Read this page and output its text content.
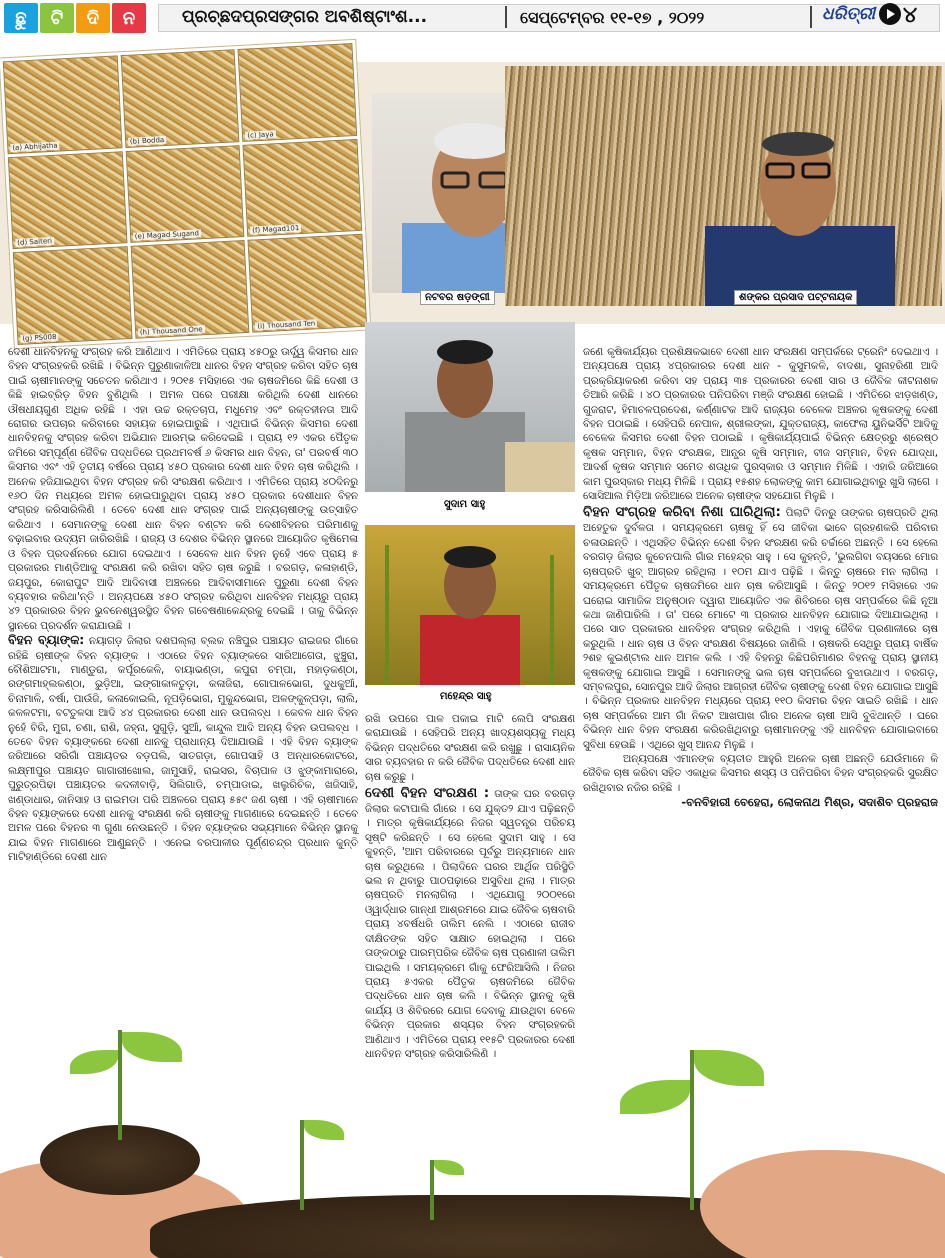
ଛୁ	ଟି	ଦି	ନ	ପ୍ରଚ୍ଛଦପ୍ରସଙ୍ଗର ଅବଶିଷ୍ଟାଂଶ...	ସେପ୍ଟେମ୍ବର ୧୧-୧୭ , ୨୦୨୨	ଧରିତ୍ରୀ ୪
(a) Abhijatha
(b) Bodda
(c) Jaya
(d) Salteri
(e) Magad Sugand
(f) Magad101
(g) PS008
(h) Thousand One
(i) Thousand Ten
ନଟବର ଷଡ଼ଙ୍ଗୀ	ଶଙ୍କର ପ୍ରସାଦ ପଟ୍ଟନାୟକ
ସୁଦାମ ସାହୁ
ମହେନ୍ଦ୍ର ସାହୁ

ଦେଶୀ ଧାନବିହନକୁ ସଂଗ୍ରହ କରି ଆଣିଥାଏ । ଏମିତିରେ ପ୍ରାୟ ୪୫୦ରୁ ଊର୍ଦ୍ଧ୍ୱ କିସମର ଧାନ ବିହନ ସଂଗ୍ରହକରି ରଖିଛି । ବିଭିନ୍ନ ପୁରୁଣାକାଳିଆ ଧାନର ବିହନ ସଂଗ୍ରହ କରିବା ସହିତ ଚାଷ ପାଇଁ ଚାଷୀମାନଙ୍କୁ ସଚେତନ କରିଥାଏ । ୨୦୧୫ ମସିହାରେ ଏକ ଚାଷଜମିରେ କିଛି ଦେଶୀ ଓ କିଛି ହାଇବ୍ରିଡ଼ ବିହନ ବୁଣିଥିଲି । ଅମଳ ପରେ ପରୀକ୍ଷା କରିଥିଲି ଦେଶୀ ଧାନରେ ଔଷଧୀୟଗୁଣ ଅଧିକ ରହିଛି । ଏହା ଉଚ୍ଚ ରକ୍ତଚାପ, ମଧୁମେହ ଏବଂ ରକ୍ତହୀନତା ଆଦି ରୋଗର ଉପଚାର କରିବାରେ ସହାୟକ ହୋଇପାରୁଛି । ଏଥିପାଇଁ ବିଭିନ୍ନ କିସମର ଦେଶୀ ଧାନବିହନକୁ ସଂଗ୍ରହ କରିବା ଅଭିଯାନ ଆରମ୍ଭ କରିଦେଇଛି । ପ୍ରାୟ ୧୨ ଏକର ପୈତୃକ ଜମିରେ ସମ୍ପୂର୍ଣ୍ଣ ଜୈବିକ ପଦ୍ଧତିରେ ପ୍ରଥମବର୍ଷ ୬ କିସମର ଧାନ ବିହନ, ତା' ପରବର୍ଷ ୩୦ କିସମର ଏବଂ ଏହି ତୃତୀୟ ବର୍ଷରେ ପ୍ରାୟ ୪୫୦ ପ୍ରକାର ଦେଶୀ ଧାନ ବିହନ ଚାଷ କରିଥିଲି । ଅନେକ ହଜିଯାଇଥିବା ବିହନ ସଂଗ୍ରହ କରି ସଂରକ୍ଷଣ କରିଥାଏ । ଏମିତିରେ ପ୍ରାୟ ୪୦ଦିନରୁ ୧୬୦ ଦିନ ମଧ୍ୟରେ ଅମଳ ହୋଇପାରୁଥିବା ପ୍ରାୟ ୪୫୦ ପ୍ରକାର ଦେଶୀଧାନ ବିହନ ସଂଗ୍ରହ କରିସାରିଲିଣି । ତେବେ ଦେଶୀ ଧାନ ସଂଗ୍ରହ ପାଇଁ ଅନ୍ୟଚାଷୀଙ୍କୁ ଉତ୍ସାହିତ କରିଥାଏ । ସେମାନଙ୍କୁ ଦେଶୀ ଧାନ ବିହନ ବଣ୍ଟନ କରି ଦେଶୀବିହନର ପରିମାଣକୁ ବଢ଼ାଇବାର ଉଦ୍ୟମ ଜାରିରଖିଛି । ରାଜ୍ୟ ଓ ଦେଶର ବିଭିନ୍ନ ସ୍ଥାନରେ ଆୟୋଜିତ କୃଷିମେଳା ଓ ବିହନ ପ୍ରଦର୍ଶନରେ ଯୋଗ ଦେଇଥାଏ । ସେବେଳ ଧାନ ବିହନ ନୁହେଁ ଏବେ ପ୍ରାୟ ୫ ପ୍ରକାରର ମାଣ୍ଡିଆକୁ ସଂରକ୍ଷଣ କରି ରଖିବା ସହିତ ଚାଷ କରୁଛି । ବରଗଡ଼, କଳାହାଣ୍ଡି, ଜୟପୁର, କୋରାପୁଟ ଆଦି ଆଦିବାସୀ ଅଞ୍ଚଳରେ ଆଦିବାସୀମାନେ ପୁରୁଣା ଦେଶୀ ବିହନ ବ୍ୟବହାର କରିଥା'ନ୍ତି । ଅନ୍ୟପକ୍ଷେ ୪୫୦ ସଂଗ୍ରହ କରିଥିବା ଧାନବିହନ ମଧ୍ୟରୁ ପ୍ରାୟ ୪୨ ପ୍ରକାରର ବିହନ ଭୁବନେଶ୍ୱରସ୍ଥିତ ବିହନ ଗବେଷଣାକେନ୍ଦ୍ରକୁ ଦେଇଛି । ତାକୁ ବିଭିନ୍ନ ସ୍ଥାନରେ ପ୍ରଦର୍ଶନ କରାଯାଉଛି ।

ବିହନ ବ୍ୟାଙ୍କ: ନୟାଗଡ଼ ଜିଲାର ଦଶପଲ୍ଲା ବ୍ଲକ ନଞ୍ଚିପୁର ପଞ୍ଚାୟତ ରାଇଜର ଗାଁରେ ରହିଛି ଚାଷୀଙ୍କ ବିହନ ବ୍ୟାଙ୍କ । ଏଠାରେ ବିହନ ବ୍ୟାଙ୍କରେ ସାରିଆଗେତା, ଝୁଞ୍ଚୁରା, ବୌଶିଆଟମା, ମାଣ୍ଡୁରା, କର୍ପୂରକେଳି, ବାୟାଭଣ୍ଡା, କପୁରା ଚମ୍ପା, ମହାଡ଼କଣ୍ଠା, ରଙ୍ଗମାହ୍ଲକଣ୍ଠା, ଭୁଡ଼ିଆ, ଇଙ୍ଗାକାଳତୁଡ଼ା, କଳାଜିରା, ଗୋପାଳଭୋଗ, ଦୁଧକୁଆଁ, ଚିନାମାଳି, ବର୍ଷା, ପାଉଁଜି, କଳାକୋଇଲି, ନୂପଡ଼ିଭୋଗ, ମୁକୁନ୍ଦଭୋଗ, ଅଳଙ୍କୁଳ୍ପଡ଼ା, ଲାଲି, କଳଳଟମା, ବଟତୁଳସା ଆଦି ୪୪ ପ୍ରକାରର ଦେଶୀ ଧାନ ଉପଲବ୍ଧ । କେବଳ ଧାନ ବିହନ ନୁହେଁ ବିରି, ମୁଗ, ଚଣା, ରାଶି, ଜହ୍ନା, ସୁଗୁଡ଼ି, ସୁଆଁ, କାନ୍ଦୁଲ ଆଦି ଅନ୍ୟ ବିହନ ଉପଲବ୍ଧ । ତେବେ ବିହନ ବ୍ୟାଙ୍କରେ ଦେଶୀ ଧାନକୁ ପ୍ରାଧାନ୍ୟ ଦିଆଯାଉଛି । ଏହି ବିହନ ବ୍ୟାଙ୍କ ଜରିଆରେ ସରିଗାଁ ପଞ୍ଚାୟତର ବଡ଼ପଲି, ସାତଗଡ଼ା, ଗୋପସାହି ଓ ଅନ୍ଧାରକୋଟରେ, ଲକ୍ଷ୍ମୀପୁର ପଞ୍ଚାୟତ ଗାଗାରୀଖୋଲ, ଜାମୁସାହି, ରାଇସର, ବିଚାପାଳ ଓ ଝୁଙ୍କାମାରାରେ, ପୁରୁତ୍ରପିଢା ପଞ୍ଚାୟତର କଦଳୀବାଡ଼ି, ସିଲିଗାଡି, ଚମ୍ପାଡାଇ, ଖଲୁରିଚିକ, ଖଜିସାହି, ଖଣ୍ଡାଧାର, ଜାନିସାହ ଓ ରାଇମଡା ପରି ଅଞ୍ଚଳରେ ପ୍ରାୟ ୫୫୯ ଜଣ ଚାଷୀ । ଏହି ଚାଷୀମାନେ ବିହନ ବ୍ୟାଙ୍କରେ ଦେଶୀ ଧାନକୁ ସଂରକ୍ଷଣ କରି ଚାଷୀଙ୍କୁ ମାଗଣାରେ ଦେଇଛନ୍ତି । ତେବେ ଅମଳ ପରେ ବିହନର ୩ ଗୁଣା ନେଉଛନ୍ତି । ବିହନ ବ୍ୟାଙ୍କର ସଭ୍ୟମାନେ ବିଭିନ୍ନ ସ୍ଥାନକୁ ଯାଇ ବିହନ ମାଗଣାରେ ଆଣୁଛନ୍ତି । ଏନେଇ ବରପାଳୀର ପୂର୍ଣ୍ଣଚନ୍ଦ୍ର ପ୍ରଧାନ କୁନ୍ତି ମାଟିହାଣ୍ଡିରେ ଦେଶୀ ଧାନ

ରଖି ଉପରେ ପାଳ ପକାଇ ମାଟି ଲେପି ସଂରକ୍ଷଣ କରାଯାଉଛି । ସେହିପରି ଅନ୍ୟ ଖାଦ୍ୟଶସ୍ୟକୁ ମଧ୍ୟ ବିଭିନ୍ନ ପଦ୍ଧତିରେ ସଂରକ୍ଷଣ କରି ରଖୁଛୁ । ରାସାୟନିକ ସାର ବ୍ୟବହାର ନ କରି ଜୈବିକ ପଦ୍ଧତିରେ ଦେଶୀ ଧାନ ଚାଷ କରୁଛୁ ।

ଦେଶୀ ବିହନ ସଂରକ୍ଷଣ : ତାଙ୍କ ଘର ବରଗଡ଼ ଜିଲାର କଟାପାଲି ଗାଁରେ । ସେ ଯୁକ୍ତ୨ ଯାଏ ପଢ଼ିଛନ୍ତି । ମାତ୍ର କୃଷିକାର୍ଯ୍ୟରେ ନିଜର ସ୍ୱତନ୍ତ୍ର ପରିଚୟ ସୃଷ୍ଟି କରିଛନ୍ତି । ସେ ହେଲେ ସୁଦାମ ସାହୁ । ସେ କୁହନ୍ତି, 'ଆମ ପରିବାରରେ ପୂର୍ବରୁ ଅନ୍ୟମାନେ ଧାନ ଚାଷ କରୁଥିଲେ । ପିଲାଦିନେ ଘରର ଆର୍ଥିକ ପରିସ୍ଥିତି ଭଲ ନ ଥିବାରୁ ପାଠପଢ଼ାରେ ଅସୁବିଧା ଥିଲା । ମାତ୍ର ଚାଷପ୍ରତି ମନଲାଗିଲା । ଏଥିଯୋଗୁ ୨୦୦୧ରେ ଓ୍ୱାର୍ଦ୍ଧାର ଗାନ୍ଧୀ ଆଶ୍ରମରେ ଯାଇ ଜୈବିକ ଚାଷବାରି ପ୍ରାୟ ୪ବର୍ଷଧରି ତାଲିମ ନେଲି । ଏଠାରେ ରାଜୀବ ଦୀକ୍ଷିତଙ୍କ ସହିତ ସାକ୍ଷାତ ହୋଇଥିଲା । ପରେ ତାଙ୍କଠାରୁ ପାରମ୍ପରିକ ଜୈବିକ ଚାଷ ପ୍ରଣାଳୀ ତାଲିମ ପାଇଥିଲି । ସମୟକ୍ରମେ ଗାଁକୁ ଫେରିଆସିଲି । ନିଜର ପ୍ରାୟ ୫ଏକର ପୈତୃକ ଚାଷଜମିରେ ଜୈବିକ ପଦ୍ଧତିରେ ଧାନ ଚାଷ କଲି । ବିଭିନ୍ନ ସ୍ଥାନକୁ କୃଷି କାର୍ଯ୍ୟ ଓ ଶିବିରରେ ଯୋଗ ଦେବାକୁ ଯାଉଥିବା ବେଳେ ବିଭିନ୍ନ ପ୍ରକାର ଶସ୍ୟର ବିହନ ସଂଗ୍ରହକରି ଆଣିଥାଏ । ଏମିତିରେ ପ୍ରାୟ ୧୧୫ଟି ପ୍ରକାରର ଦେଶୀ ଧାନବିହନ ସଂଗ୍ରହ କରିସାରିଲିଣି ।

ଜଣେ କୃଷିକାର୍ଯ୍ୟର ପ୍ରଶିକ୍ଷକଭାବେ ଦେଶୀ ଧାନ ସଂରକ୍ଷଣ ସମ୍ପର୍କରେ ଟ୍ରେନିଂ ଦେଇଥାଏ । ଅନ୍ୟପକ୍ଷେ ପ୍ରାୟ ୪ପ୍ରକାରର ଦେଶୀ ଧାନ - କୁସୁମକଳି, ବାଦଶା, ସୁନାହରିଣୀ ଆଦି ପ୍ରକ୍ରିୟାକରଣ କରିବା ସହ ପ୍ରାୟ ୩୫ ପ୍ରକାରର ଦେଶୀ ସାର ଓ ଜୈବିକ କୀଟନାଶକ ତିଆରି କରିଛି । ୪୦ ପ୍ରକାରର ପନିପରିବା ମଞ୍ଜି ସଂରକ୍ଷଣ ହୋଇଛି । ଏମିତିରେ ଝାଡ଼ଖଣ୍ଡ, ଗୁଜରାଟ, ହିମାଚଳପ୍ରଦେଶ, କର୍ଣ୍ଣାଟକ ଆଦି ରାଜ୍ୟର ବେଳେକ ଅଞ୍ଚଳର କୃଷକଙ୍କୁ ଦେଶୀ ବିହନ ପଠାଇଛି । ସେହିପରି ନେପାଳ, ଶ୍ରୀଲଙ୍କା, ଯୁକ୍ତରାଜ୍ୟ, କାଫେଲା ୟୁନିଭର୍ସିଟି ଆଦିକୁ ବେଳେକ କିସମର ଦେଶୀ ବିହନ ପଠାଇଛି । କୃଷିକାର୍ଯ୍ୟପାଇଁ ବିଭିନ୍ନ କ୍ଷେତ୍ରରୁ ଶ୍ରେଷ୍ଠ କୃଷକ ସମ୍ମାନ, ବିହନ ସଂରକ୍ଷକ, ଆନ୍ଧ୍ର କୃଷି ସମ୍ମାନ, ବୀଜ ସମ୍ମାନ, ବିହନ ଯୋଦ୍ଧା, ଆଦର୍ଶ କୃଷକ ସମ୍ମାନ ସମେତ ଶତାଧିକ ପୁରସ୍କାର ଓ ସମ୍ମାନ ମିଳିଛି । ଏହାରି ଜରିଆରେ କାମ ପୁରସ୍କାର ମଧ୍ୟ ମିଳିଛି । ପ୍ରାୟ ୧୫ଶହ ଲୋକଙ୍କୁ କାମ ଯୋଗାଇଥିବାରୁ ଖୁସି ଲାଗେ । ସୋସିଆଲ ମିଡ଼ିଆ ଜରିଆରେ ଅନେକ ଚାଷୀଙ୍କ ସହଯୋଗ ମିଳୁଛି ।

ବିହନ ସଂଗ୍ରହ କରିବା ନିଶା ଘାରିଥିଲା: ପିଲାଟି ଦିନରୁ ତାଙ୍କର ଚାଷପ୍ରତି ଥିଲା ଅହେତୁକ ଦୁର୍ବଳତା । ସମୟକ୍ରମେ ଚାଷକୁ ହିଁ ସେ ଜୀବିକା ଭାବେ ଗ୍ରହଣକରି ପରିବାର ଚଳାଉଛନ୍ତି । ଏଥିସହିତ ବିଭିନ୍ନ ଦେଶୀ ବିହନ ସଂରକ୍ଷଣ କରି ଚର୍ଚ୍ଚାରେ ଅଛନ୍ତି । ସେ ହେଲେ ବରଗଡ଼ ଜିଲାର କୁଚେନପାଲି ଗାଁର ମହେନ୍ଦ୍ର ସାହୁ । ସେ କୁହନ୍ତି, 'ଭୁଲଗିବା ବୟସରେ ମୋର ଚାଷପ୍ରତି ଖୁବ୍ ଆଗ୍ରହ ରହିଥିଲା । ୧୦ମ ଯାଏ ପଢ଼ିଛି । କିନ୍ତୁ ଚାଷରେ ମନ ଲାଗିଲା । ସମୟକ୍ରମେ ପୈତୃକ ଚାଷଜମିରେ ଧାନ ଚାଷ କରିଆସୁଛି । କିନ୍ତୁ ୨୦୧୨ ମସିହାରେ ଏକ ଘରୋଇ ସାମାଜିକ ଅନୁଷ୍ଠାନ ଦ୍ୱାରା ଆୟୋଜିତ ଏକ ଶିବିରରେ ଚାଷ ସମ୍ପର୍କରେ କିଛି ନୂଆ କଥା ଜାଣିପାରିଲି । ତା' ପରେ ମୋଟେ ୩ ପ୍ରକାର ଧାନବିହନ ଯୋଗାଇ ଦିଆଯାଇଥିଲା । ପରେ ସାତ ପ୍ରକାରର ଧାନବିହନ ସଂଗ୍ରହ କରିଥିଲି । ଏହାକୁ ଜୈବିକ ପ୍ରଣାଳୀରେ ଚାଷ କରୁଥିଲି । ଧାନ ଚାଷ ଓ ବିହନ ସଂରକ୍ଷଣ ବିଷୟରେ ଜାଣିଲି । ଚାଷକରି ସେଥିରୁ ପ୍ରାୟ ବାର୍ଷିକ ୨ଶହ କୁଇଣ୍ଟାଲ ଧାନ ଅମଳ କଲି । ଏହି ବିହନରୁ କିଛିପରିମାଣର ବିହନକୁ ପ୍ରାୟ ସ୍ଥାନୀୟ କୃଷକଙ୍କୁ ଯୋଗାଇ ଆସୁଛି । ସେମାନଙ୍କୁ ଭଲ ଚାଷ ସମ୍ପର୍କରେ ବୁଝାଉଥାଏ । ବରଗଡ଼, ସମ୍ବଲପୁର, ସୋନପୁର ଆଦି ଜିଲାର ଆଗ୍ରହୀ ଜୈବିକ ଚାଷୀଙ୍କୁ ଦେଶୀ ବିହନ ଯୋଗାଇ ଆସୁଛି । ବିଭିନ୍ନ ପ୍ରକାର ଧାନବିହନ ମଧ୍ୟରେ ପ୍ରାୟ ୧୧୦ କିସମର ବିହନ ସାଇତି ରଖିଛି । ଧାନ ଚାଷ ସମ୍ପର୍କରେ ଆମ ଗାଁ ନିକଟ ଆଖପାଖ ଗାଁର ଅନେକ ଚାଷୀ ଆସି ବୁଝିଥାନ୍ତି । ଘରେ ବିଭିନ୍ନ ଧାନ ବିହନ ସଂରକ୍ଷଣ କରିରଖିଥିବାରୁ ଚାଷୀମାନଙ୍କୁ ଏହି ଧାନବିହନ ଯୋଗାଇବାରେ ସୁବିଧା ହେଉଛି । ଏଥିରେ ଖୁସ୍ ଆନନ୍ଦ ମିଳୁଛି ।

ଅନ୍ୟପକ୍ଷେ ଏମାନଙ୍କ ବ୍ୟତୀତ ଆହୁରି ଅନେକ ଚାଷୀ ଅଛନ୍ତି ଯେଉଁମାନେ କି ଜୈବିକ ଚାଷ କରିବା ସହିତ ଏକାଧିକ କିସମର ଶସ୍ୟ ଓ ପନିପରିବା ବିହନ ସଂଗ୍ରହକରି ସୁରକ୍ଷିତ ରଖିଥିବାର ନଜିର ରହିଛି ।

-ବନବିହାରୀ ବେହେରା, ଲୋକନାଥ ମିଶ୍ର, ସଦାଶିବ ପ୍ରହରାଜ
